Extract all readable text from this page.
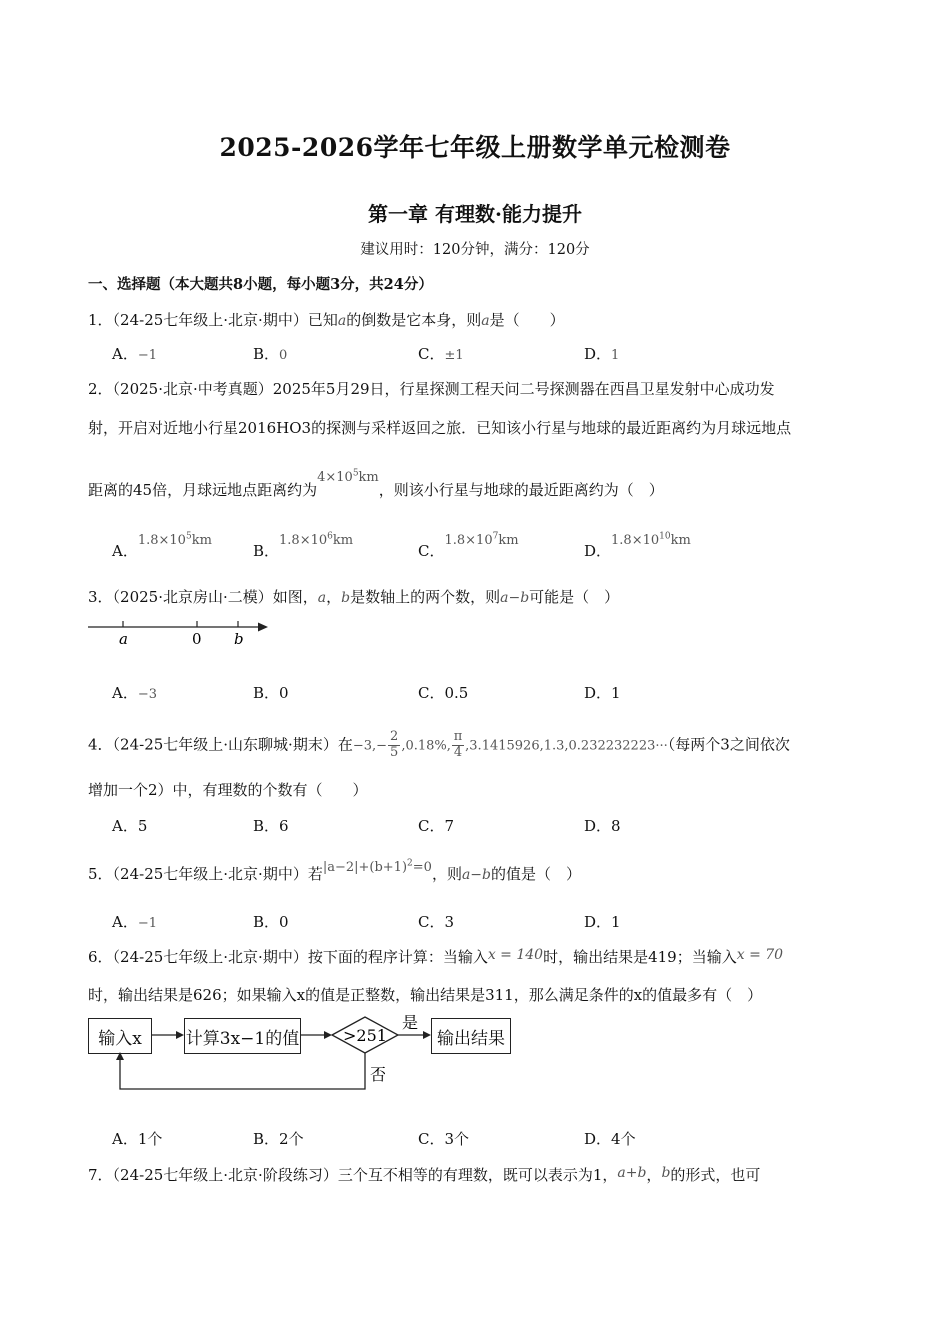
2025-2026学年七年级上册数学单元检测卷
第一章 有理数·能力提升
建议用时：120分钟，满分：120分
一、选择题（本大题共8小题，每小题3分，共24分）
1．（24-25七年级上·北京·期中）已知a的倒数是它本身，则a是（　　）
A．−1	B．0	C．±1	D．1
2．（2025·北京·中考真题）2025年5月29日，行星探测工程天问二号探测器在西昌卫星发射中心成功发
射，开启对近地小行星2016HO3的探测与采样返回之旅．已知该小行星与地球的最近距离约为月球远地点
距离的45倍，月球远地点距离约为$4\times 10^5km$，则该小行星与地球的最近距离约为（　）
A．$1.8\times 10^5km$
B．$1.8\times 10^6km$
C．$1.8\times 10^7km$
D．$1.8\times 10^{10}km$
3．（2025·北京房山·二模）如图，a，b是数轴上的两个数，则a−b可能是（　）
a	0 b
A．−3	B．0	C．0.5	D．1
4．（24-25七年级上·山东聊城·期末）在$-3,- \frac{2}{5} ,0.18\%$, $\frac{\pi}{4} ,3.1415926,1.3,0.232232223\cdot\cdot\cdot$（每两个3之间依次
增加一个2）中，有理数的个数有（　　）
A．5	B．6	C．7	D．8
5．（24-25七年级上·北京·期中）若$|a-2|+(b+1)^2=0$，则a−b的值是（　）
A．−1	B．0	C．3	D．1
6．（24-25七年级上·北京·期中）按下面的程序计算：当输入x = 140时，输出结果是419；当输入x = 70
时，输出结果是626；如果输入x的值是正整数，输出结果是311，那么满足条件的x的值最多有（　）
输入x	计算3x−1的值	输出结果
>251
是
否
A．1个	B．2个	C．3个	D．4个
7．（24-25七年级上·北京·阶段练习）三个互不相等的有理数，既可以表示为1，a+b，b的形式，也可
